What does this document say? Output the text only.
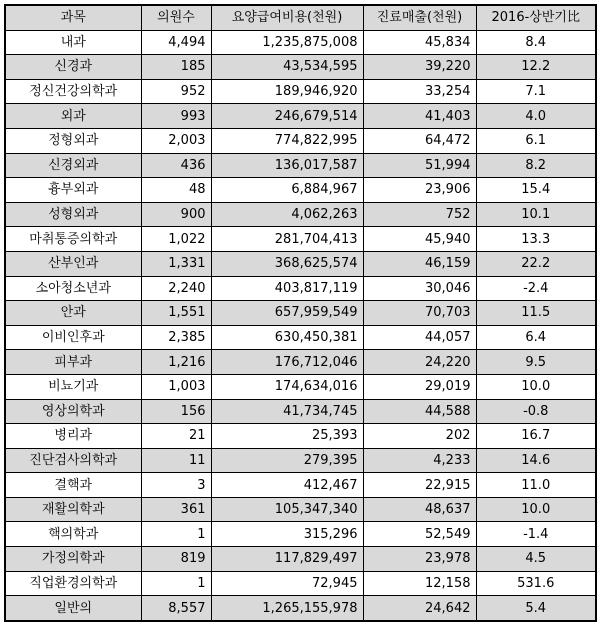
과목	의원수	요양급여비용(천원)	진료매출(천원)	2016-상반기比
내과	4,494	1,235,875,008	45,834	8.4
신경과	185	43,534,595	39,220	12.2
정신건강의학과	952	189,946,920	33,254	7.1
외과	993	246,679,514	41,403	4.0
정형외과	2,003	774,822,995	64,472	6.1
신경외과	436	136,017,587	51,994	8.2
흉부외과	48	6,884,967	23,906	15.4
성형외과	900	4,062,263	752	10.1
마취통증의학과	1,022	281,704,413	45,940	13.3
산부인과	1,331	368,625,574	46,159	22.2
소아청소년과	2,240	403,817,119	30,046	-2.4
안과	1,551	657,959,549	70,703	11.5
이비인후과	2,385	630,450,381	44,057	6.4
피부과	1,216	176,712,046	24,220	9.5
비뇨기과	1,003	174,634,016	29,019	10.0
영상의학과	156	41,734,745	44,588	-0.8
병리과	21	25,393	202	16.7
진단검사의학과	11	279,395	4,233	14.6
결핵과	3	412,467	22,915	11.0
재활의학과	361	105,347,340	48,637	10.0
핵의학과	1	315,296	52,549	-1.4
가정의학과	819	117,829,497	23,978	4.5
직업환경의학과	1	72,945	12,158	531.6
일반의	8,557	1,265,155,978	24,642	5.4
